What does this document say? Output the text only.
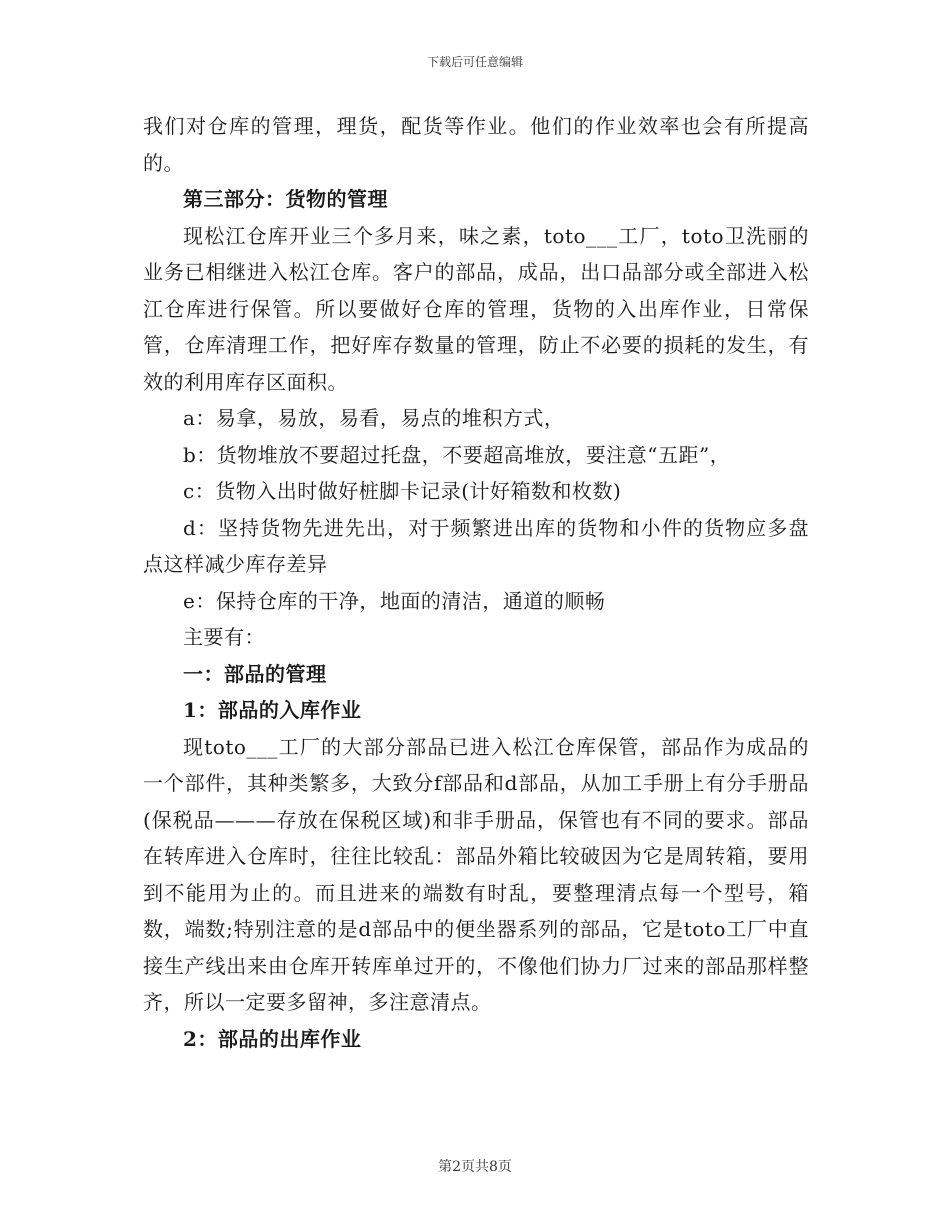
下载后可任意编辑

我们对仓库的管理，理货，配货等作业。他们的作业效率也会有所提高的。

第三部分：货物的管理

现松江仓库开业三个多月来，味之素，toto___工厂，toto卫洗丽的业务已相继进入松江仓库。客户的部品，成品，出口品部分或全部进入松江仓库进行保管。所以要做好仓库的管理，货物的入出库作业，日常保管，仓库清理工作，把好库存数量的管理，防止不必要的损耗的发生，有效的利用库存区面积。

a：易拿，易放，易看，易点的堆积方式，

b：货物堆放不要超过托盘，不要超高堆放，要注意“五距”，

c：货物入出时做好桩脚卡记录(计好箱数和枚数)

d：坚持货物先进先出，对于频繁进出库的货物和小件的货物应多盘点这样减少库存差异

e：保持仓库的干净，地面的清洁，通道的顺畅

主要有：

一：部品的管理

1：部品的入库作业

现toto___工厂的大部分部品已进入松江仓库保管，部品作为成品的一个部件，其种类繁多，大致分f部品和d部品，从加工手册上有分手册品(保税品———存放在保税区域)和非手册品，保管也有不同的要求。部品在转库进入仓库时，往往比较乱：部品外箱比较破因为它是周转箱，要用到不能用为止的。而且进来的端数有时乱，要整理清点每一个型号，箱数，端数;特别注意的是d部品中的便坐器系列的部品，它是toto工厂中直接生产线出来由仓库开转库单过开的，不像他们协力厂过来的部品那样整齐，所以一定要多留神，多注意清点。

2：部品的出库作业

第2页共8页
